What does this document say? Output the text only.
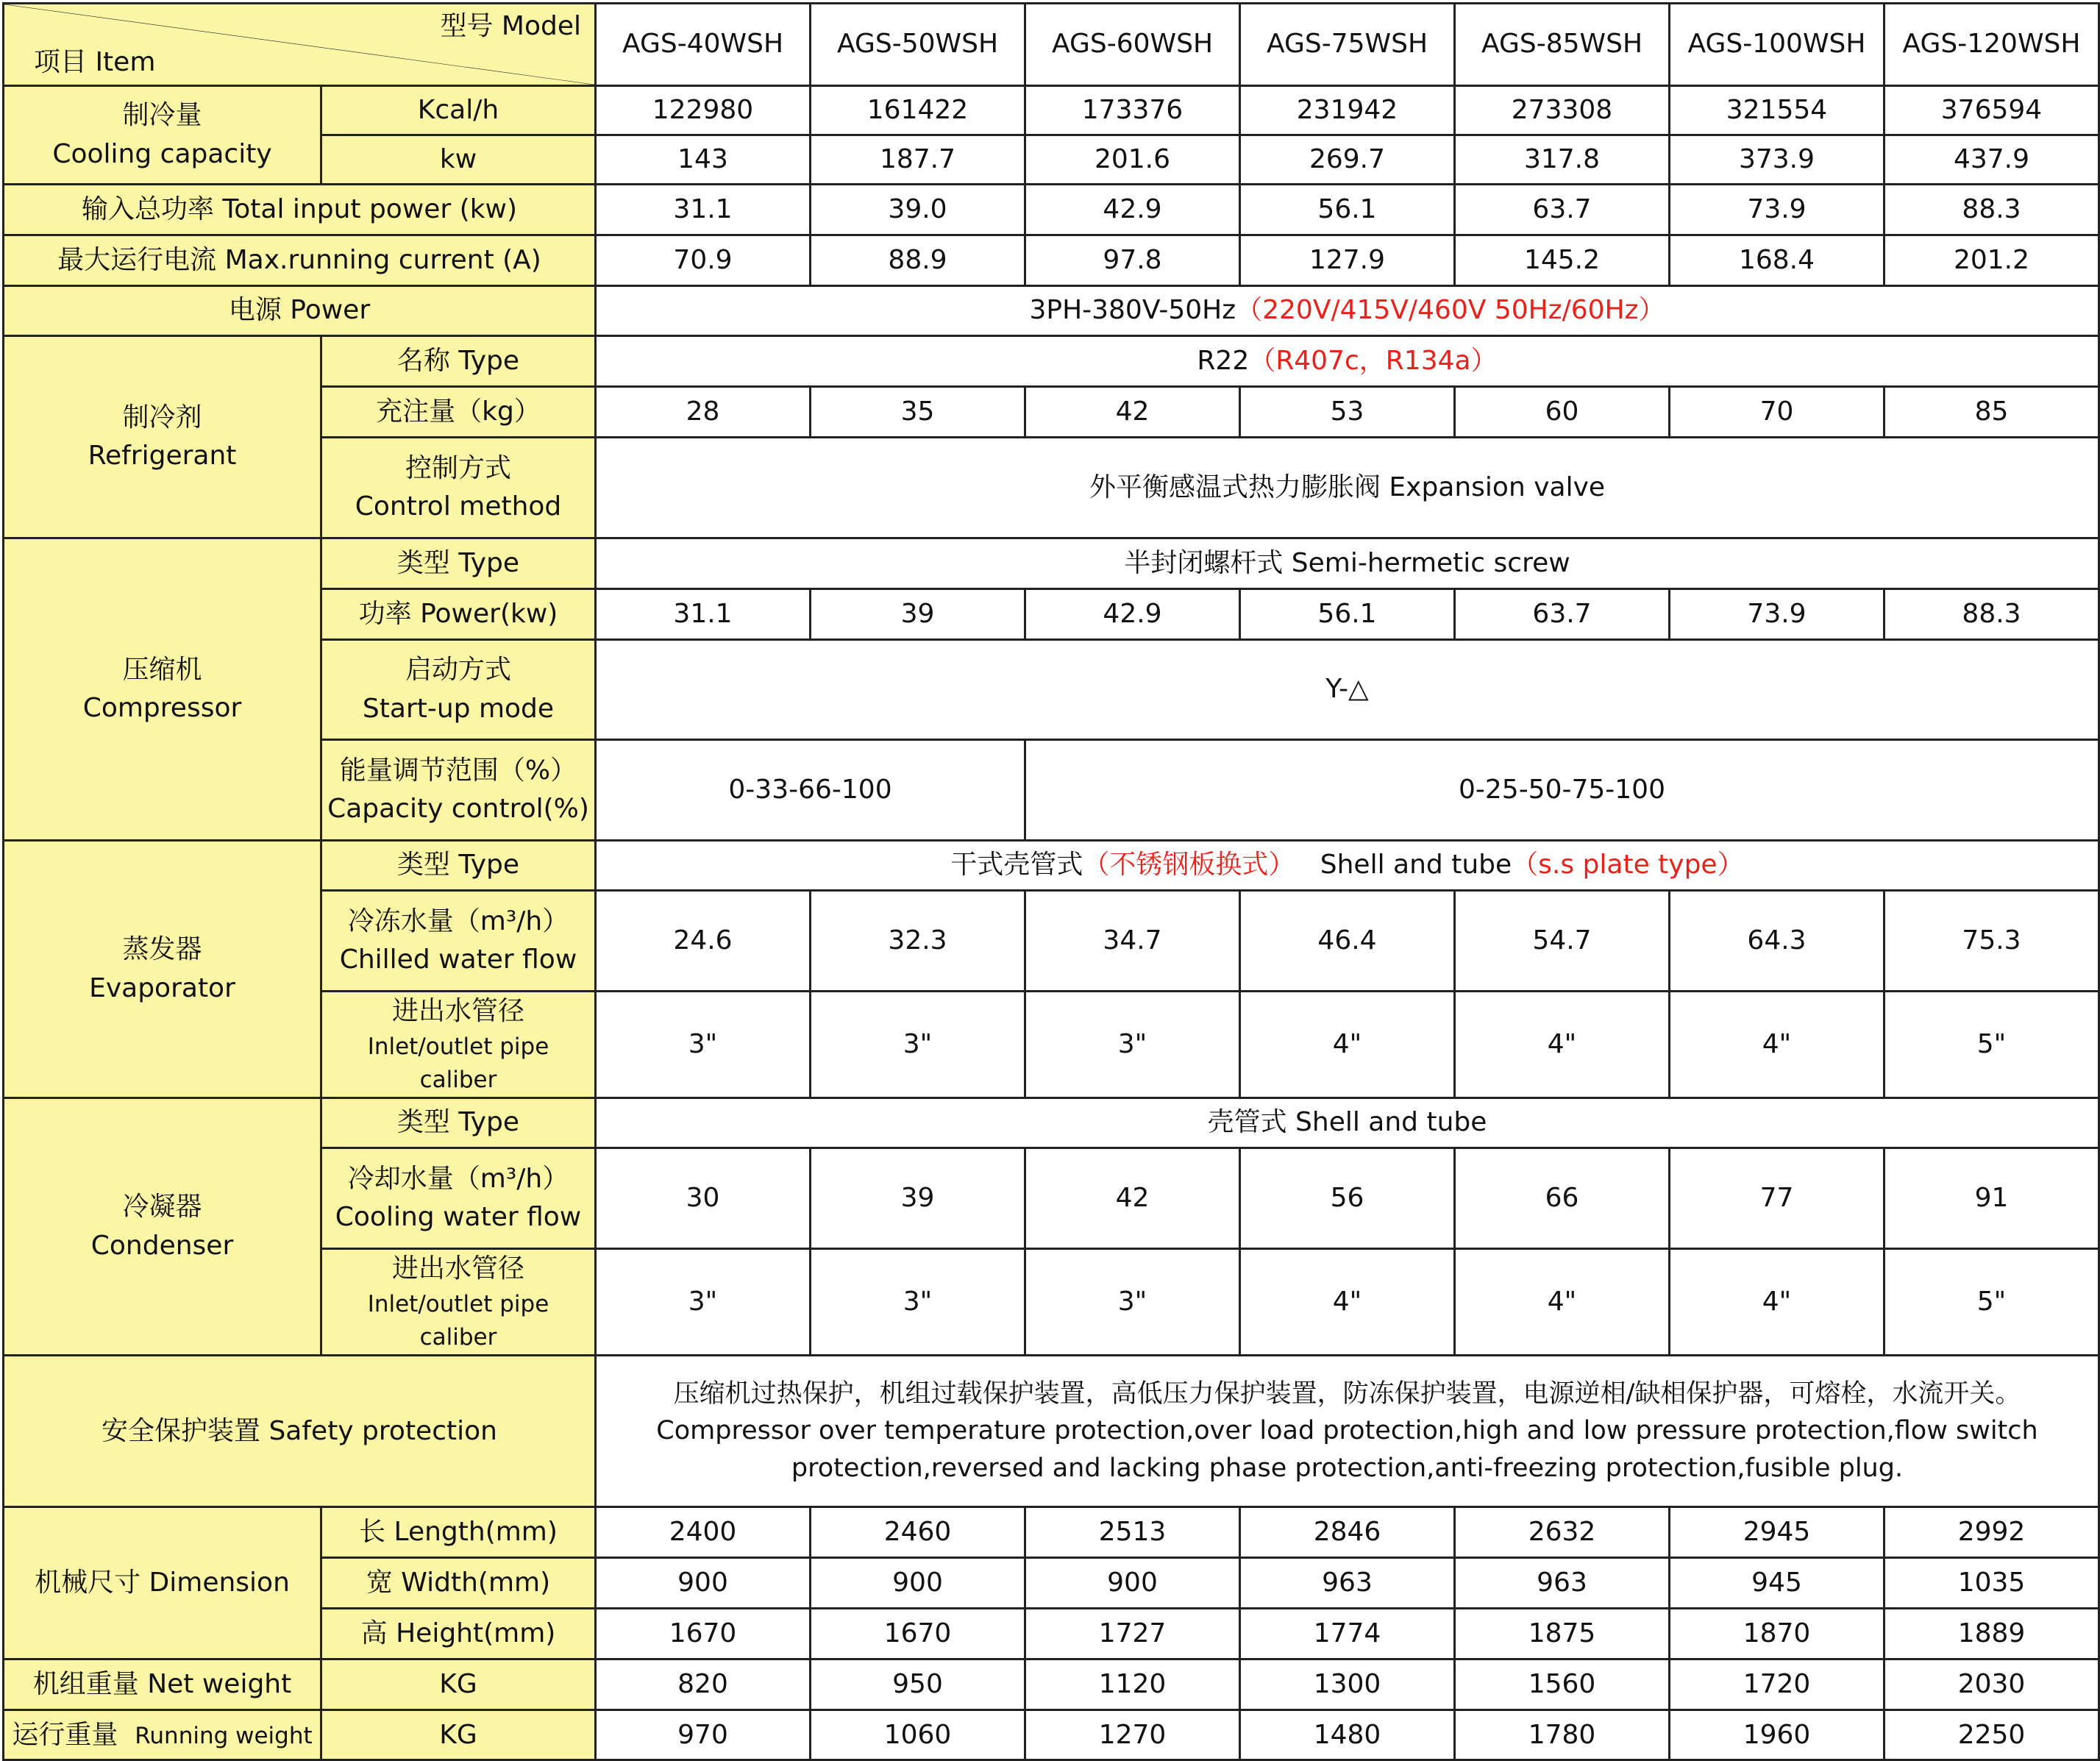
型号 Model
项目 Item		AGS-40WSH	AGS-50WSH	AGS-60WSH	AGS-75WSH	AGS-85WSH	AGS-100WSH	AGS-120WSH

制冷量
Cooling capacity	Kcal/h	122980	161422	173376	231942	273308	321554	376594
	kw	143	187.7	201.6	269.7	317.8	373.9	437.9
输入总功率 Total input power (kw)		31.1	39.0	42.9	56.1	63.7	73.9	88.3
最大运行电流 Max.running current (A)		70.9	88.9	97.8	127.9	145.2	168.4	201.2
电源 Power		3PH-380V-50Hz（220V/415V/460V 50Hz/60Hz）						

制冷剂
Refrigerant	名称 Type	R22（R407c，R134a）						
	充注量（kg）	28	35	42	53	60	70	85

	控制方式
Control method	外平衡感温式热力膨胀阀 Expansion valve						

压缩机
Compressor	类型 Type	半封闭螺杆式 Semi-hermetic screw						
	功率 Power(kw)	31.1	39	42.9	56.1	63.7	73.9	88.3

	启动方式
Start-up mode	Y-△						

	能量调节范围（%）
Capacity control(%)	0-33-66-100		0-25-50-75-100				

蒸发器
Evaporator	类型 Type	干式壳管式（不锈钢板换式） Shell and tube（s.s plate type）						

	冷冻水量（m³/h）
Chilled water flow	24.6	32.3	34.7	46.4	54.7	64.3	75.3

	进出水管径
Inlet/outlet pipe caliber	3"	3"	3"	4"	4"	4"	5"

冷凝器
Condenser	类型 Type	壳管式 Shell and tube						

	冷却水量（m³/h）
Cooling water flow	30	39	42	56	66	77	91

	进出水管径
Inlet/outlet pipe caliber	3"	3"	3"	4"	4"	4"	5"
安全保护装置 Safety protection		压缩机过热保护，机组过载保护装置，高低压力保护装置，防冻保护装置，电源逆相/缺相保护器，可熔栓，水流开关。
Compressor over temperature protection,over load protection,high and low pressure protection,flow switch
protection,reversed and lacking phase protection,anti-freezing protection,fusible plug.						

机械尺寸 Dimension	长 Length(mm)	2400	2460	2513	2846	2632	2945	2992
	宽 Width(mm)	900	900	900	963	963	945	1035
	高 Height(mm)	1670	1670	1727	1774	1875	1870	1889
机组重量 Net weight	KG	820	950	1120	1300	1560	1720	2030
运行重量 Running weight	KG	970	1060	1270	1480	1780	1960	2250
